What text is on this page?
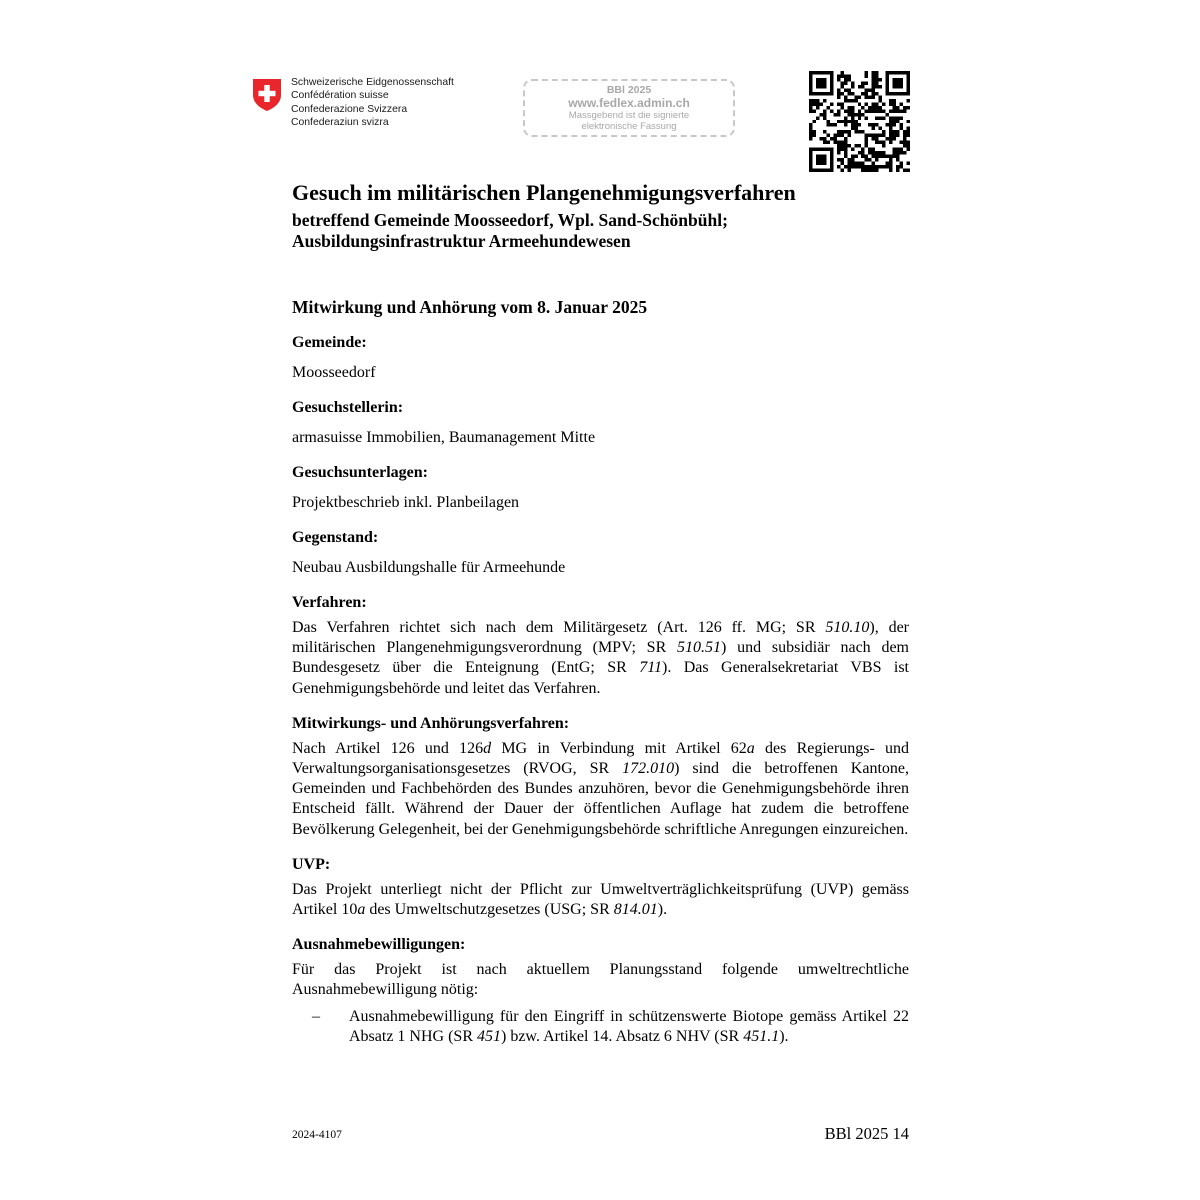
Schweizerische Eidgenossenschaft
Confédération suisse
Confederazione Svizzera
Confederaziun svizra
BBl 2025
www.fedlex.admin.ch
Massgebend ist die signierte
elektronische Fassung
Gesuch im militärischen Plangenehmigungsverfahren
betreffend Gemeinde Moosseedorf, Wpl. Sand-Schönbühl;
Ausbildungsinfrastruktur Armeehundewesen
Mitwirkung und Anhörung vom 8. Januar 2025
Gemeinde:
Moosseedorf
Gesuchstellerin:
armasuisse Immobilien, Baumanagement Mitte
Gesuchsunterlagen:
Projektbeschrieb inkl. Planbeilagen
Gegenstand:
Neubau Ausbildungshalle für Armeehunde
Verfahren:
Das Verfahren richtet sich nach dem Militärgesetz (Art. 126 ff. MG; SR 510.10), der militärischen Plangenehmigungsverordnung (MPV; SR 510.51) und subsidiär nach dem Bundesgesetz über die Enteignung (EntG; SR 711). Das Generalsekretariat VBS ist Genehmigungsbehörde und leitet das Verfahren.
Mitwirkungs- und Anhörungsverfahren:
Nach Artikel 126 und 126d MG in Verbindung mit Artikel 62a des Regierungs- und Verwaltungsorganisationsgesetzes (RVOG, SR 172.010) sind die betroffenen Kantone, Gemeinden und Fachbehörden des Bundes anzuhören, bevor die Genehmigungsbehörde ihren Entscheid fällt. Während der Dauer der öffentlichen Auflage hat zudem die betroffene Bevölkerung Gelegenheit, bei der Genehmigungsbehörde schriftliche Anregungen einzureichen.
UVP:
Das Projekt unterliegt nicht der Pflicht zur Umweltverträglichkeitsprüfung (UVP) gemäss Artikel 10a des Umweltschutzgesetzes (USG; SR 814.01).
Ausnahmebewilligungen:
Für das Projekt ist nach aktuellem Planungsstand folgende umweltrechtliche Ausnahmebewilligung nötig:
– Ausnahmebewilligung für den Eingriff in schützenswerte Biotope gemäss Artikel 22 Absatz 1 NHG (SR 451) bzw. Artikel 14. Absatz 6 NHV (SR 451.1).
2024-4107	BBl 2025 14
